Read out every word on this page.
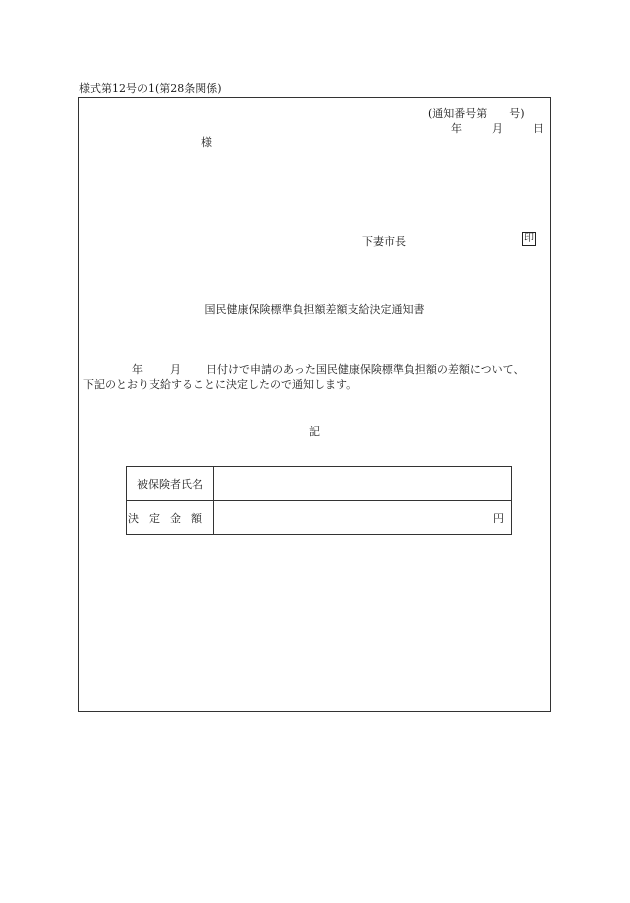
様式第12号の1(第28条関係)
(通知番号第　　号)
年	月	日
様
下妻市長	印
国民健康保険標準負担額差額支給決定通知書
年 月 日付けで申請のあった国民健康保険標準負担額の差額について、
下記のとおり支給することに決定したので通知します。
記
被保険者氏名	
決定金額	円
